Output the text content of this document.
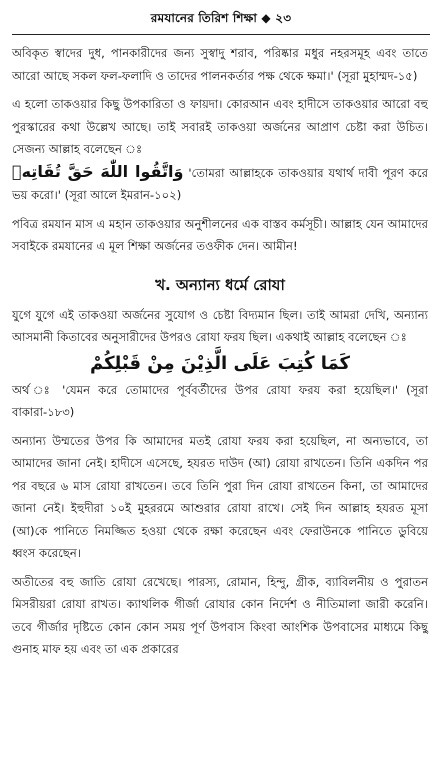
রমযানের তিরিশ শিক্ষা ◆ ২৩

অবিকৃত স্বাদের দুধ, পানকারীদের জন্য সুস্বাদু শরাব, পরিষ্কার মধুর নহরসমূহ এবং তাতে আরো আছে সকল ফল-ফলাদি ও তাদের পালনকর্তার পক্ষ থেকে ক্ষমা।' (সূরা মুহাম্মদ-১৫)

এ হলো তাকওয়ার কিছু উপকারিতা ও ফায়দা। কোরআন এবং হাদীসে তাকওয়ার আরো বহু পুরস্কারের কথা উল্লেখ আছে। তাই সবারই তাকওয়া অর্জনের আপ্রাণ চেষ্টা করা উচিত। সেজন্য আল্লাহ বলেছেন ঃ

وَاتَّقُوا اللّٰهَ حَقَّ تُقَاتِهٖ 'তোমরা আল্লাহকে তাকওয়ার যথার্থ দাবী পূরণ করে ভয় করো।' (সূরা আলে ইমরান-১০২)

পবিত্র রমযান মাস এ মহান তাকওয়ার অনুশীলনের এক বাস্তব কর্মসূচী। আল্লাহ যেন আমাদের সবাইকে রমযানের এ মূল শিক্ষা অর্জনের তওফীক দেন। আমীন!

খ. অন্যান্য ধর্মে রোযা

যুগে যুগে এই তাকওয়া অর্জনের সুযোগ ও চেষ্টা বিদ্যমান ছিল। তাই আমরা দেখি, অন্যান্য আসমানী কিতাবের অনুসারীদের উপরও রোযা ফরয ছিল। একথাই আল্লাহ বলেছেন ঃ

كَمَا كُتِبَ عَلَى الَّذِيْنَ مِنْ قَبْلِكُمْ

অর্থ ঃ 'যেমন করে তোমাদের পূর্ববর্তীদের উপর রোযা ফরয করা হয়েছিল।' (সূরা বাকারা-১৮৩)

অন্যান্য উম্মতের উপর কি আমাদের মতই রোযা ফরয করা হয়েছিল, না অন্যভাবে, তা আমাদের জানা নেই। হাদীসে এসেছে, হযরত দাউদ (আ) রোযা রাখতেন। তিনি একদিন পর পর বছরে ৬ মাস রোযা রাখতেন। তবে তিনি পুরা দিন রোযা রাখতেন কিনা, তা আমাদের জানা নেই। ইহুদীরা ১০ই মুহররমে আশুরার রোযা রাখে। সেই দিন আল্লাহ হযরত মূসা (আ)কে পানিতে নিমজ্জিত হওয়া থেকে রক্ষা করেছেন এবং ফেরাউনকে পানিতে ডুবিয়ে ধ্বংস করেছেন।

অতীতের বহু জাতি রোযা রেখেছে। পারস্য, রোমান, হিন্দু, গ্রীক, ব্যাবিলনীয় ও পুরাতন মিসরীয়রা রোযা রাখত। ক্যাথলিক গীর্জা রোযার কোন নির্দেশ ও নীতিমালা জারী করেনি। তবে গীর্জার দৃষ্টিতে কোন কোন সময় পূর্ণ উপবাস কিংবা আংশিক উপবাসের মাধ্যমে কিছু গুনাহ মাফ হয় এবং তা এক প্রকারের
